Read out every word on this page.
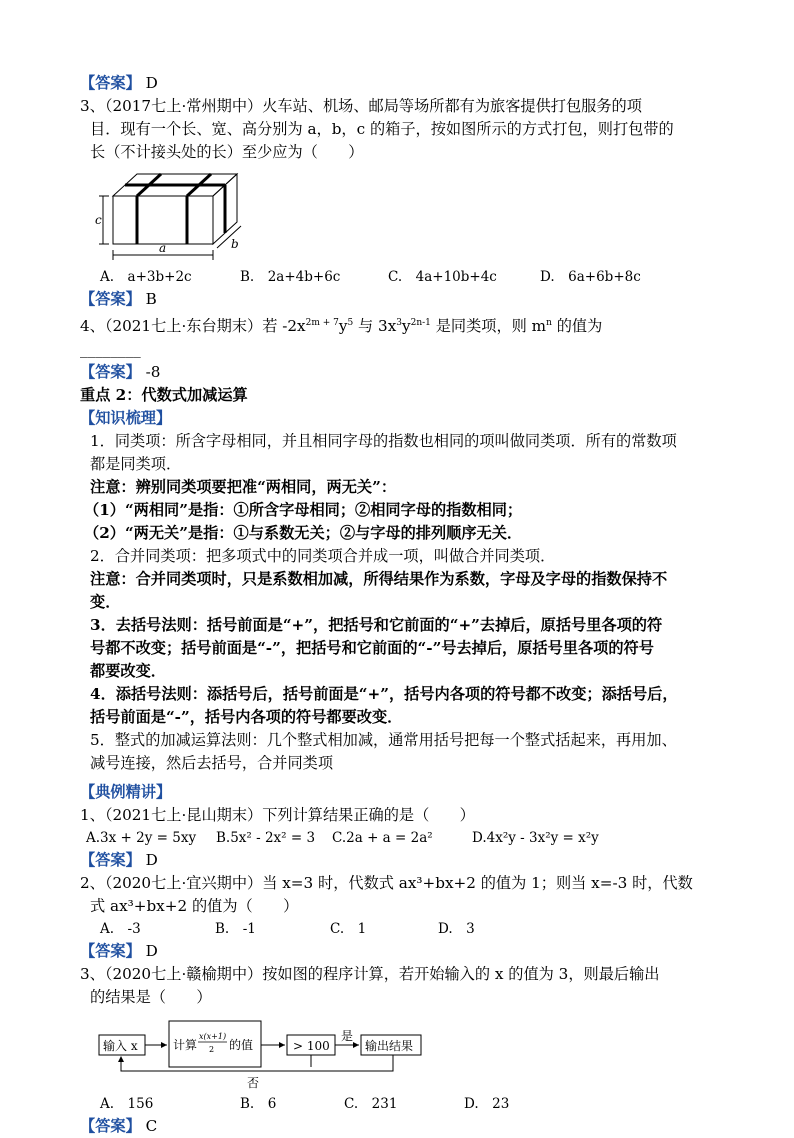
【答案】 D
3、（2017七上·常州期中）火车站、机场、邮局等场所都有为旅客提供打包服务的项
目．现有一个长、宽、高分别为 a，b，c 的箱子，按如图所示的方式打包，则打包带的
长（不计接头处的长）至少应为（　　）
c
a	b
A.　a+3b+2c	B.　2a+4b+6c	C.　4a+10b+4c	D.　6a+6b+8c
【答案】 B
4、（2021七上·东台期末）若 $-2x^{2m + 7}y^5$ 与 $3x^3y^{2n-1}$ 是同类项，则 $m^n$ 的值为
________
【答案】 -8
重点 2：代数式加减运算
【知识梳理】
1．同类项：所含字母相同，并且相同字母的指数也相同的项叫做同类项．所有的常数项
都是同类项．
注意：辨别同类项要把准“两相同，两无关”：
（1）“两相同”是指：①所含字母相同；②相同字母的指数相同；
（2）“两无关”是指：①与系数无关；②与字母的排列顺序无关．
2．合并同类项：把多项式中的同类项合并成一项，叫做合并同类项．
注意：合并同类项时，只是系数相加减，所得结果作为系数，字母及字母的指数保持不
变．
3．去括号法则：括号前面是“+”，把括号和它前面的“+”去掉后，原括号里各项的符
号都不改变；括号前面是“-”，把括号和它前面的“-”号去掉后，原括号里各项的符号
都要改变．
4．添括号法则：添括号后，括号前面是“+”，括号内各项的符号都不改变；添括号后，
括号前面是“-”，括号内各项的符号都要改变．
5．整式的加减运算法则：几个整式相加减，通常用括号把每一个整式括起来，再用加、
减号连接，然后去括号，合并同类项
【典例精讲】
1、（2021七上·昆山期末）下列计算结果正确的是（　　）
A.3x + 2y = 5xy	B.5x² - 2x² = 3	C.2a + a = 2a²	D.4x²y - 3x²y = x²y
【答案】 D
2、（2020七上·宜兴期中）当 x=3 时，代数式 ax³+bx+2 的值为 1；则当 x=-3 时，代数
式 ax³+bx+2 的值为（　　）
A.　-3	B.　-1	C.　1	D.　3
【答案】 D
3、（2020七上·赣榆期中）按如图的程序计算，若开始输入的 x 的值为 3，则最后输出
的结果是（　　）
输入 x	计算
x(x+1)
2 的值	> 100
是
输出结果
否
A.　156	B.　6	C.　231	D.　23
【答案】 C
